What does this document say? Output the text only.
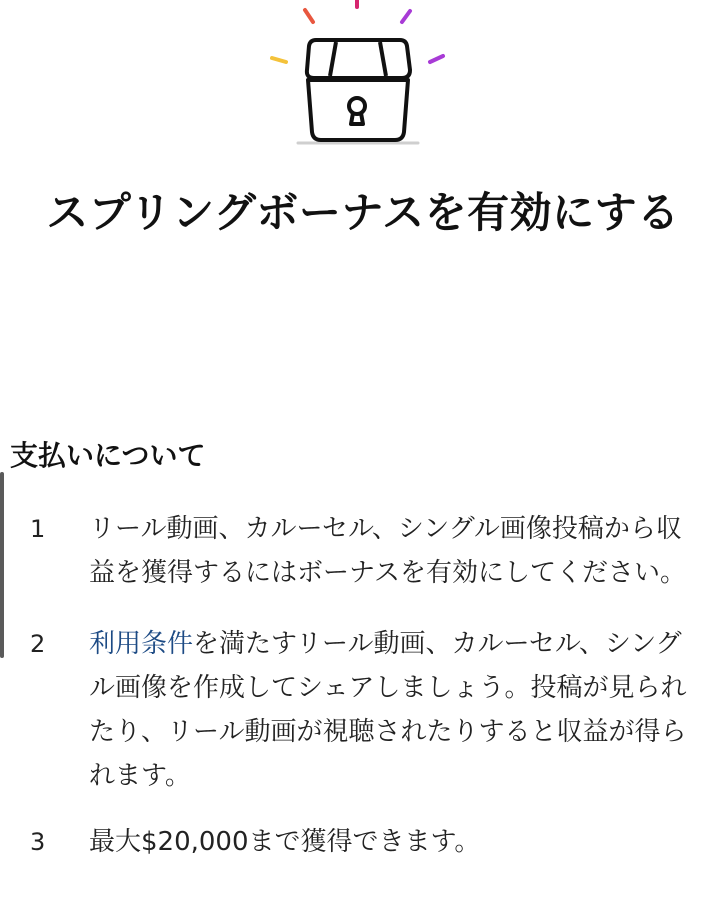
スプリングボーナスを有効にする
支払いについて
1 リール動画、カルーセル、シングル画像投稿から収益を獲得するにはボーナスを有効にしてください。
2 利用条件を満たすリール動画、カルーセル、シングル画像を作成してシェアしましょう。投稿が見られたり、リール動画が視聴されたりすると収益が得られます。
3 最大$20,000まで獲得できます。
